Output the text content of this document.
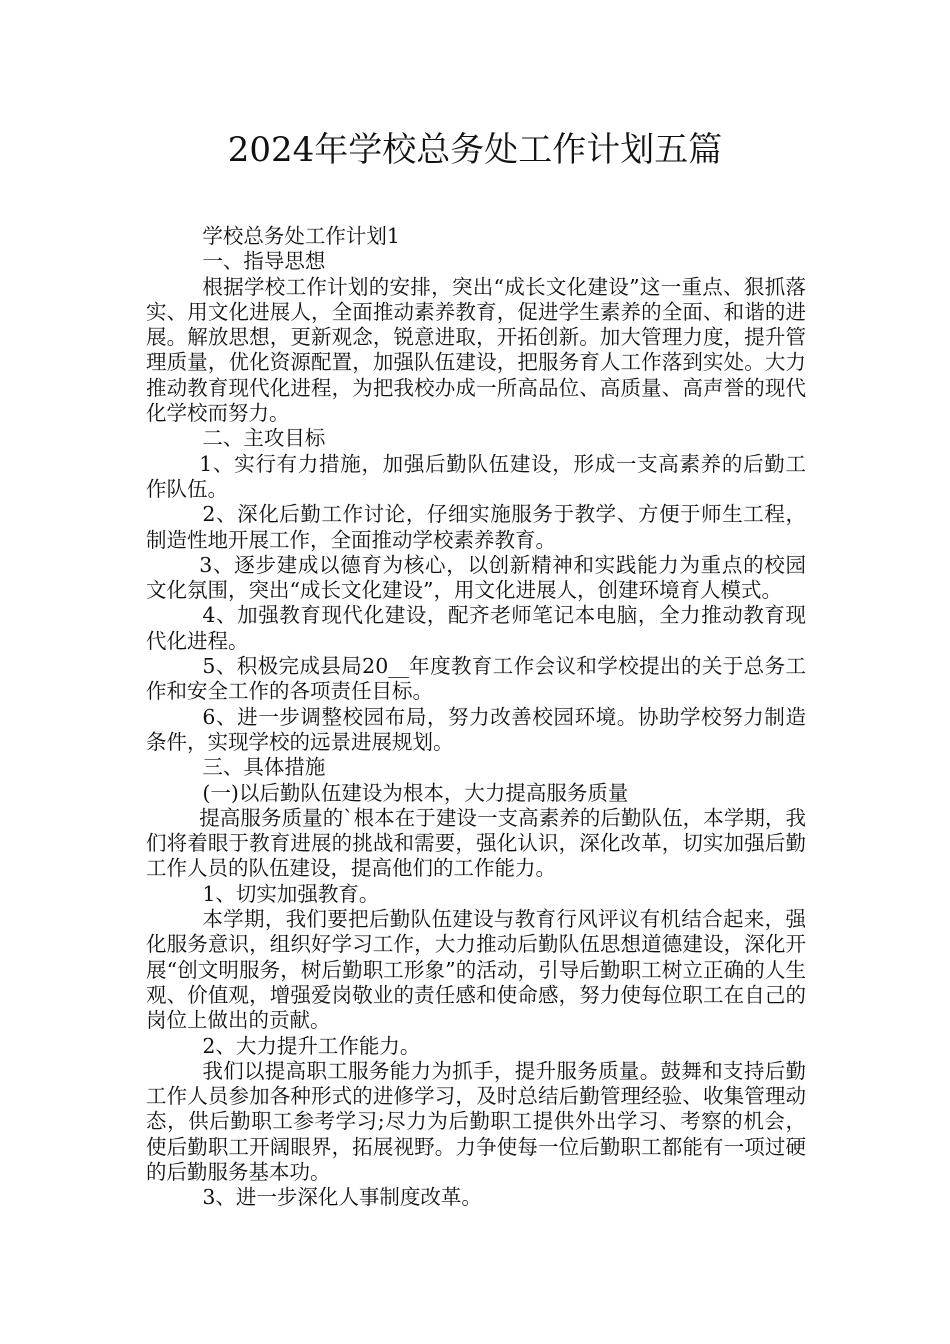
2024年学校总务处工作计划五篇

学校总务处工作计划1

一、指导思想

根据学校工作计划的安排，突出“成长文化建设”这一重点、狠抓落实、用文化进展人，全面推动素养教育，促进学生素养的全面、和谐的进展。解放思想，更新观念，锐意进取，开拓创新。加大管理力度，提升管理质量，优化资源配置，加强队伍建设，把服务育人工作落到实处。大力推动教育现代化进程，为把我校办成一所高品位、高质量、高声誉的现代化学校而努力。

二、主攻目标

1、实行有力措施，加强后勤队伍建设，形成一支高素养的后勤工作队伍。

2、深化后勤工作讨论，仔细实施服务于教学、方便于师生工程，制造性地开展工作，全面推动学校素养教育。

3、逐步建成以德育为核心，以创新精神和实践能力为重点的校园文化氛围，突出“成长文化建设”，用文化进展人，创建环境育人模式。

4、加强教育现代化建设，配齐老师笔记本电脑，全力推动教育现代化进程。

5、积极完成县局20__年度教育工作会议和学校提出的关于总务工作和安全工作的各项责任目标。

6、进一步调整校园布局，努力改善校园环境。协助学校努力制造条件，实现学校的远景进展规划。

三、具体措施

(一)以后勤队伍建设为根本，大力提高服务质量

提高服务质量的`根本在于建设一支高素养的后勤队伍，本学期，我们将着眼于教育进展的挑战和需要，强化认识，深化改革，切实加强后勤工作人员的队伍建设，提高他们的工作能力。

1、切实加强教育。

本学期，我们要把后勤队伍建设与教育行风评议有机结合起来，强化服务意识，组织好学习工作，大力推动后勤队伍思想道德建设，深化开展“创文明服务，树后勤职工形象”的活动，引导后勤职工树立正确的人生观、价值观，增强爱岗敬业的责任感和使命感，努力使每位职工在自己的岗位上做出的贡献。

2、大力提升工作能力。

我们以提高职工服务能力为抓手，提升服务质量。鼓舞和支持后勤工作人员参加各种形式的进修学习，及时总结后勤管理经验、收集管理动态，供后勤职工参考学习;尽力为后勤职工提供外出学习、考察的机会，使后勤职工开阔眼界，拓展视野。力争使每一位后勤职工都能有一项过硬的后勤服务基本功。

3、进一步深化人事制度改革。
